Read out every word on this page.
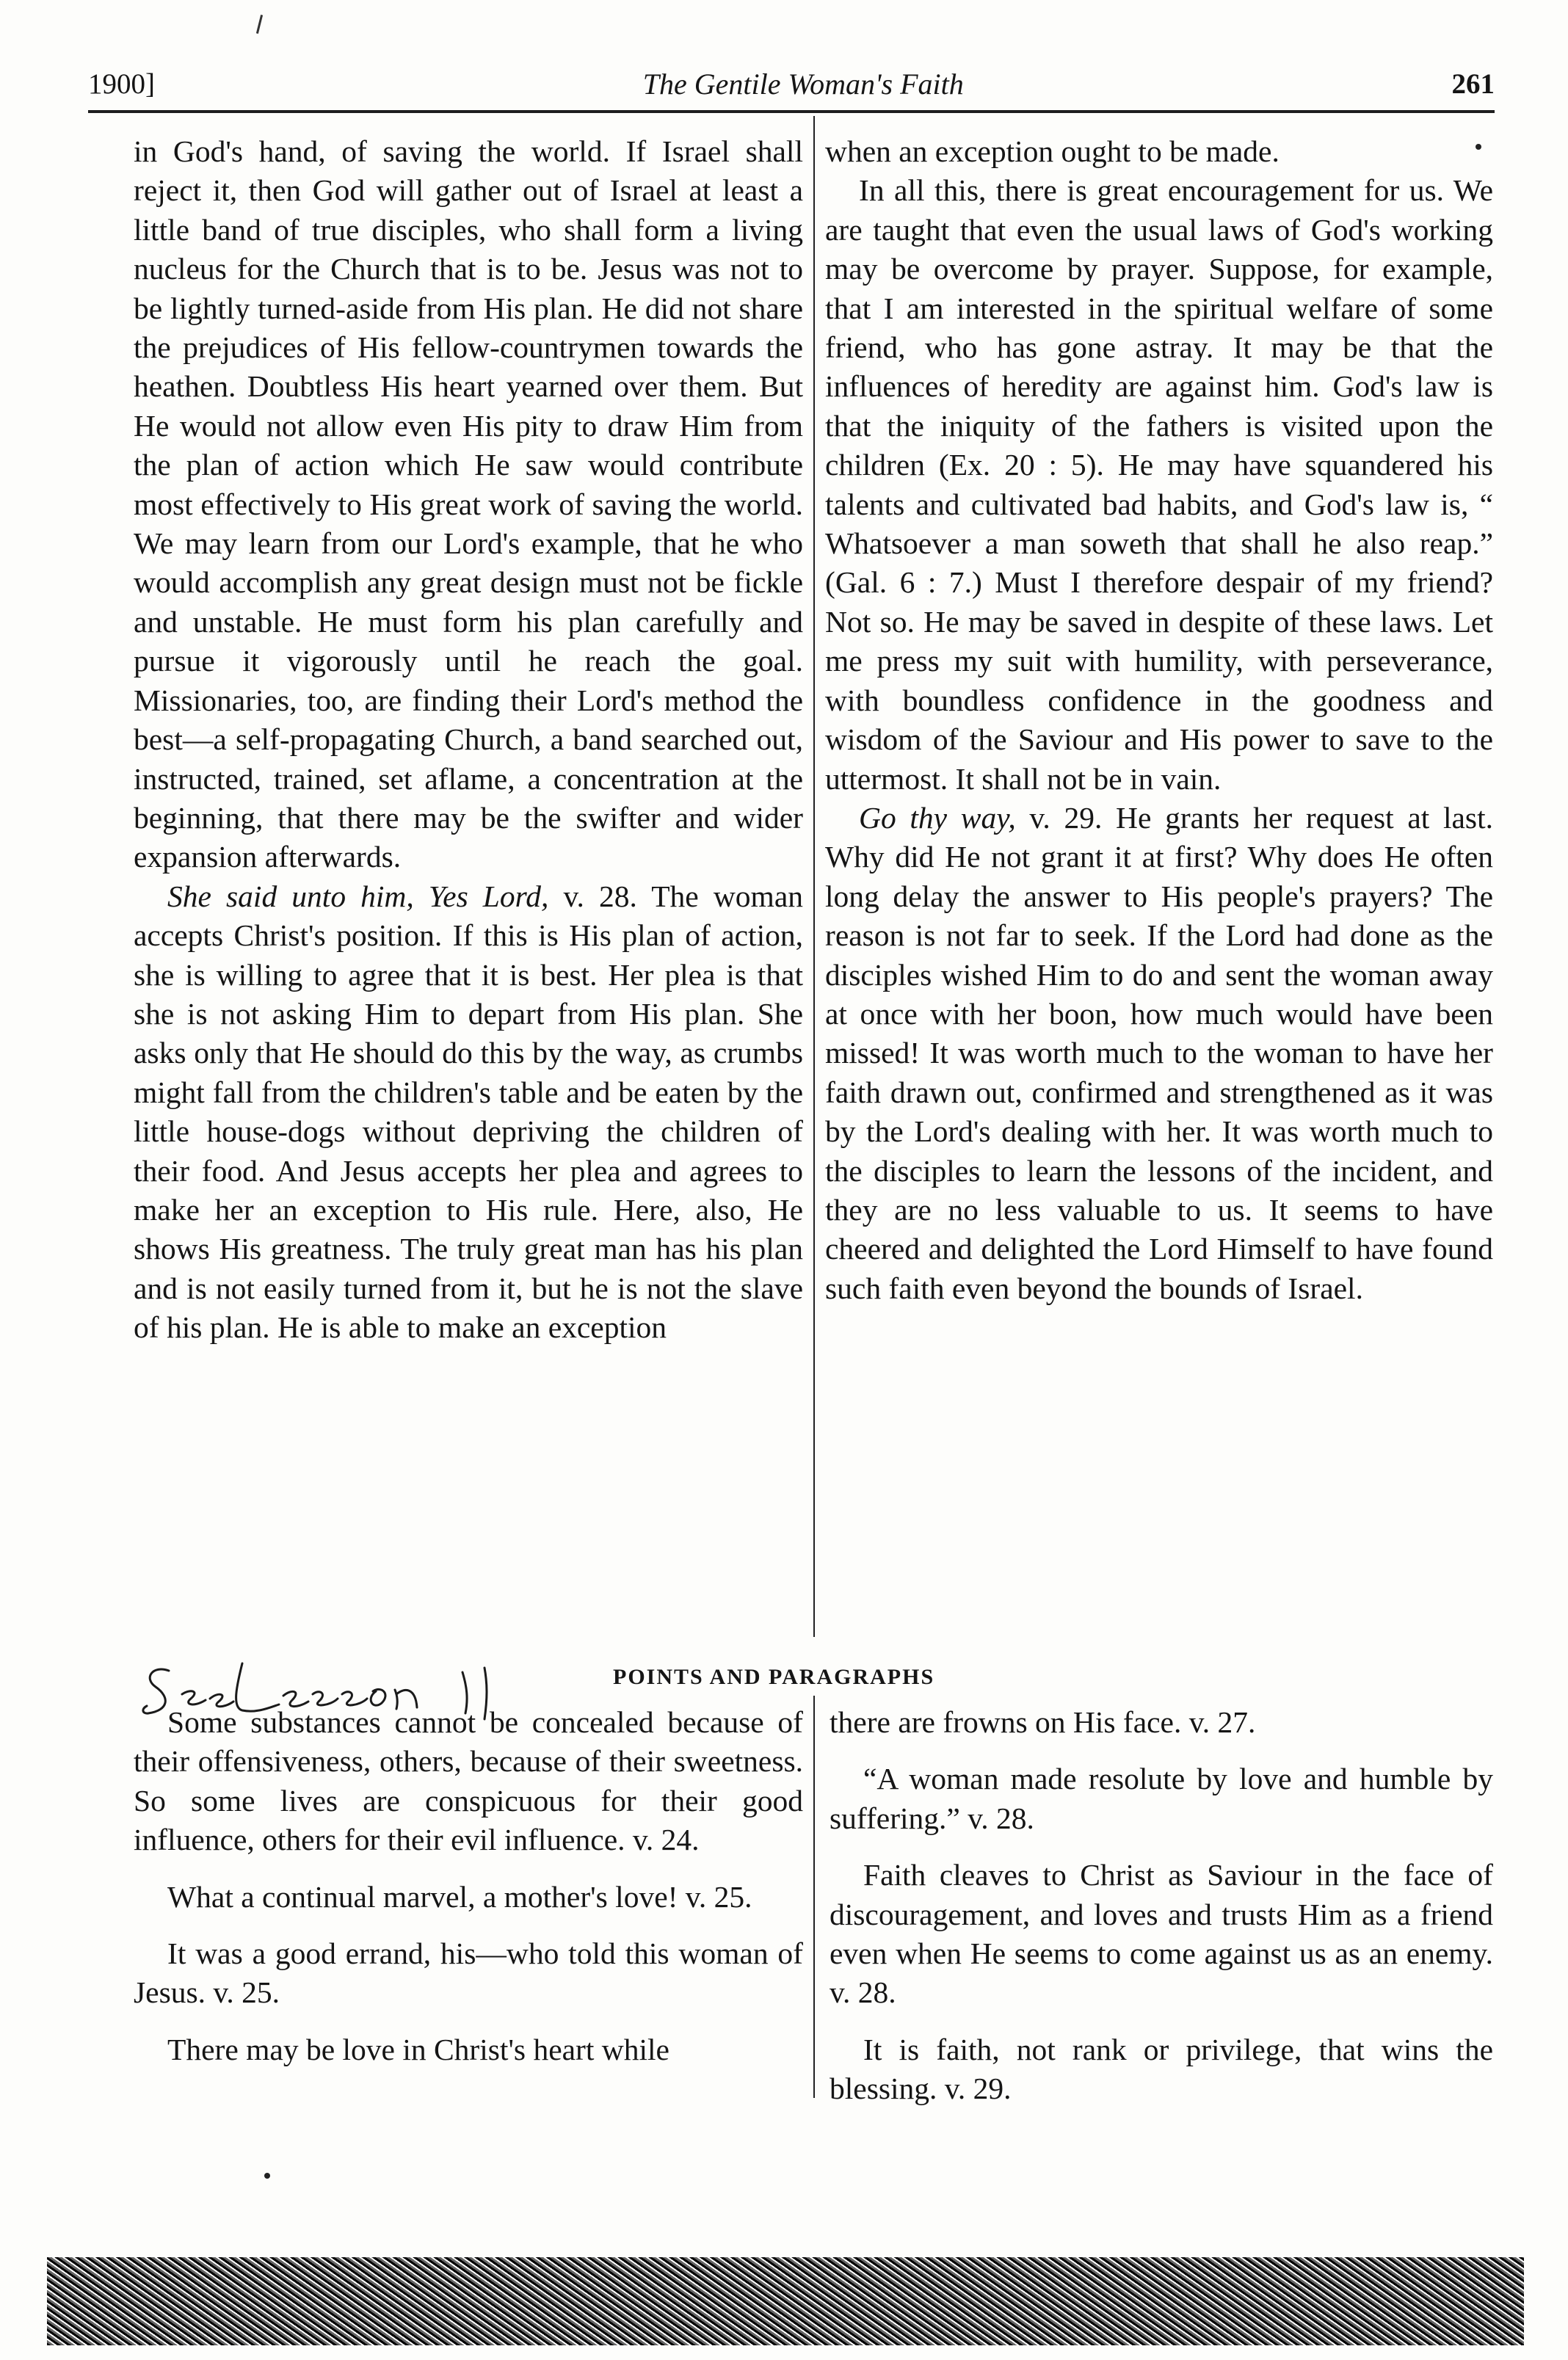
1900]	The Gentile Woman's Faith	261

in God's hand, of saving the world. If Israel shall reject it, then God will gather out of Israel at least a little band of true disciples, who shall form a living nucleus for the Church that is to be. Jesus was not to be lightly turned-aside from His plan. He did not share the prejudices of His fellow-countrymen towards the heathen. Doubtless His heart yearned over them. But He would not allow even His pity to draw Him from the plan of action which He saw would contribute most effectively to His great work of saving the world. We may learn from our Lord's example, that he who would accomplish any great design must not be fickle and unstable. He must form his plan carefully and pursue it vigorously until he reach the goal. Missionaries, too, are finding their Lord's method the best—a self-propagating Church, a band searched out, instructed, trained, set aflame, a concentration at the beginning, that there may be the swifter and wider expansion afterwards.

She said unto him, Yes Lord, v. 28. The woman accepts Christ's position. If this is His plan of action, she is willing to agree that it is best. Her plea is that she is not asking Him to depart from His plan. She asks only that He should do this by the way, as crumbs might fall from the children's table and be eaten by the little house-dogs without depriving the children of their food. And Jesus accepts her plea and agrees to make her an exception to His rule. Here, also, He shows His greatness. The truly great man has his plan and is not easily turned from it, but he is not the slave of his plan. He is able to make an exception

when an exception ought to be made.

In all this, there is great encouragement for us. We are taught that even the usual laws of God's working may be overcome by prayer. Suppose, for example, that I am interested in the spiritual welfare of some friend, who has gone astray. It may be that the influences of heredity are against him. God's law is that the iniquity of the fathers is visited upon the children (Ex. 20 : 5). He may have squandered his talents and cultivated bad habits, and God's law is, “ Whatsoever a man soweth that shall he also reap.” (Gal. 6 : 7.) Must I therefore despair of my friend? Not so. He may be saved in despite of these laws. Let me press my suit with humility, with perseverance, with boundless confidence in the goodness and wisdom of the Saviour and His power to save to the uttermost. It shall not be in vain.

Go thy way, v. 29. He grants her request at last. Why did He not grant it at first? Why does He often long delay the answer to His people's prayers? The reason is not far to seek. If the Lord had done as the disciples wished Him to do and sent the woman away at once with her boon, how much would have been missed! It was worth much to the woman to have her faith drawn out, confirmed and strengthened as it was by the Lord's dealing with her. It was worth much to the disciples to learn the lessons of the incident, and they are no less valuable to us. It seems to have cheered and delighted the Lord Himself to have found such faith even beyond the bounds of Israel.

POINTS AND PARAGRAPHS

Some substances cannot be concealed because of their offensiveness, others, because of their sweetness. So some lives are conspicuous for their good influence, others for their evil influence. v. 24.

What a continual marvel, a mother's love! v. 25.

It was a good errand, his—who told this woman of Jesus. v. 25.

There may be love in Christ's heart while

there are frowns on His face. v. 27.

“A woman made resolute by love and humble by suffering.” v. 28.

Faith cleaves to Christ as Saviour in the face of discouragement, and loves and trusts Him as a friend even when He seems to come against us as an enemy. v. 28.

It is faith, not rank or privilege, that wins the blessing. v. 29.
